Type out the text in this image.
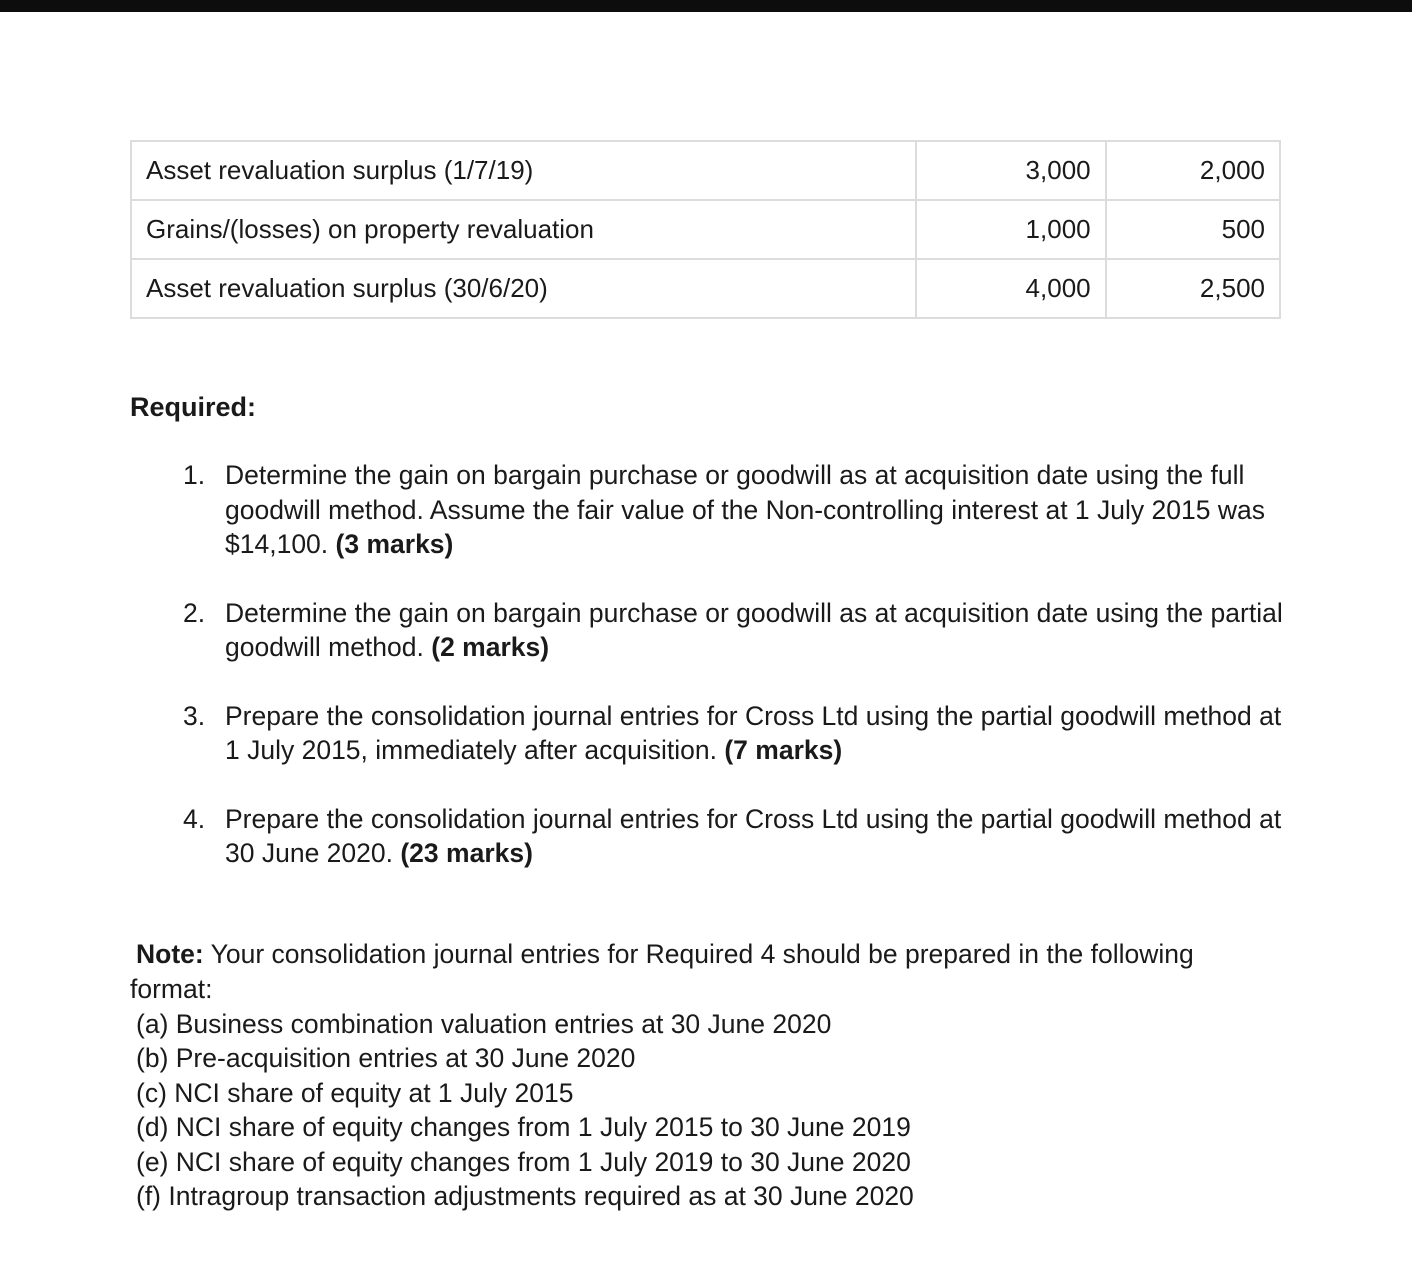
Asset revaluation surplus (1/7/19)	3,000	2,000
Grains/(losses) on property revaluation	1,000	500
Asset revaluation surplus (30/6/20)	4,000	2,500
Required:
1. Determine the gain on bargain purchase or goodwill as at acquisition date using the full goodwill method. Assume the fair value of the Non-controlling interest at 1 July 2015 was $14,100. (3 marks)
2. Determine the gain on bargain purchase or goodwill as at acquisition date using the partial goodwill method. (2 marks)
3. Prepare the consolidation journal entries for Cross Ltd using the partial goodwill method at 1 July 2015, immediately after acquisition. (7 marks)
4. Prepare the consolidation journal entries for Cross Ltd using the partial goodwill method at 30 June 2020. (23 marks)

Note: Your consolidation journal entries for Required 4 should be prepared in the following format:

(a) Business combination valuation entries at 30 June 2020
(b) Pre-acquisition entries at 30 June 2020
(c) NCI share of equity at 1 July 2015
(d) NCI share of equity changes from 1 July 2015 to 30 June 2019
(e) NCI share of equity changes from 1 July 2019 to 30 June 2020
(f) Intragroup transaction adjustments required as at 30 June 2020
